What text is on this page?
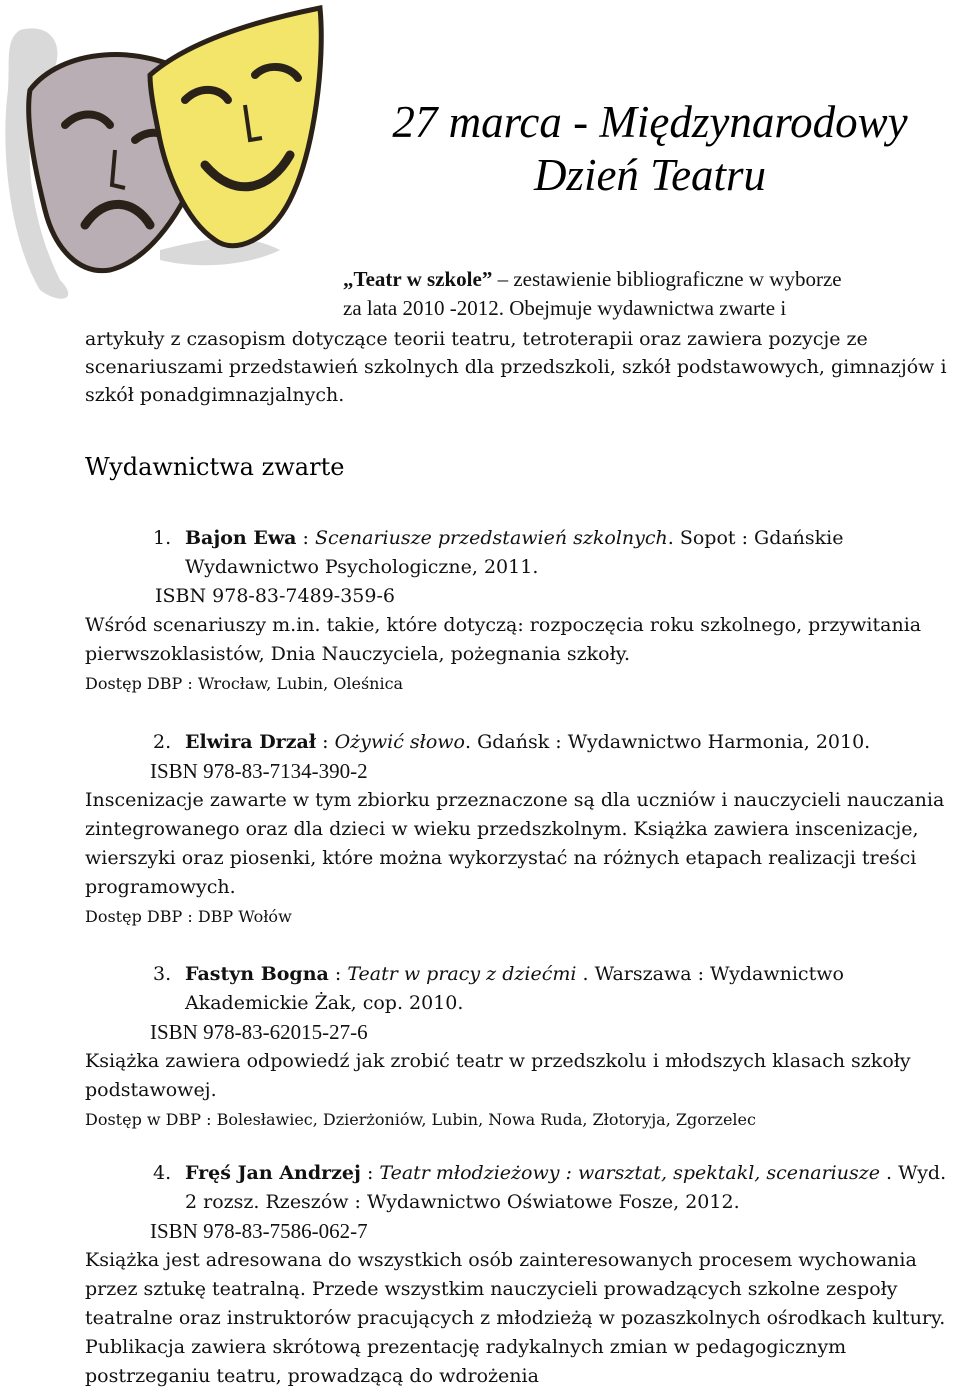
27 marca - Międzynarodowy
Dzień Teatru

„Teatr w szkole” – zestawienie bibliograficzne w wyborze

za lata 2010 -2012. Obejmuje wydawnictwa zwarte i

artykuły z czasopism dotyczące teorii teatru, tetroterapii oraz zawiera pozycje ze scenariuszami przedstawień szkolnych dla przedszkoli, szkół podstawowych, gimnazjów i szkół ponadgimnazjalnych.

Wydawnictwa zwarte

1. Bajon Ewa : Scenariusze przedstawień szkolnych. Sopot : Gdańskie Wydawnictwo Psychologiczne, 2011.

ISBN 978-83-7489-359-6

Wśród scenariuszy m.in. takie, które dotyczą: rozpoczęcia roku szkolnego, przywitania pierwszoklasistów, Dnia Nauczyciela, pożegnania szkoły.

Dostęp DBP : Wrocław, Lubin, Oleśnica

2. Elwira Drzał : Ożywić słowo. Gdańsk : Wydawnictwo Harmonia, 2010.

ISBN 978-83-7134-390-2

Inscenizacje zawarte w tym zbiorku przeznaczone są dla uczniów i nauczycieli nauczania zintegrowanego oraz dla dzieci w wieku przedszkolnym. Książka zawiera inscenizacje, wierszyki oraz piosenki, które można wykorzystać na różnych etapach realizacji treści programowych.

Dostęp DBP : DBP Wołów

3. Fastyn Bogna : Teatr w pracy z dziećmi . Warszawa : Wydawnictwo Akademickie Żak, cop. 2010.

ISBN 978-83-62015-27-6

Książka zawiera odpowiedź jak zrobić teatr w przedszkolu i młodszych klasach szkoły podstawowej.

Dostęp w DBP : Bolesławiec, Dzierżoniów, Lubin, Nowa Ruda, Złotoryja, Zgorzelec

4. Fręś Jan Andrzej : Teatr młodzieżowy : warsztat, spektakl, scenariusze . Wyd. 2 rozsz. Rzeszów : Wydawnictwo Oświatowe Fosze, 2012.

ISBN 978-83-7586-062-7

Książka jest adresowana do wszystkich osób zainteresowanych procesem wychowania przez sztukę teatralną. Przede wszystkim nauczycieli prowadzących szkolne zespoły teatralne oraz instruktorów pracujących z młodzieżą w pozaszkolnych ośrodkach kultury. Publikacja zawiera skrótową prezentację radykalnych zmian w pedagogicznym postrzeganiu teatru, prowadzącą do wdrożenia
